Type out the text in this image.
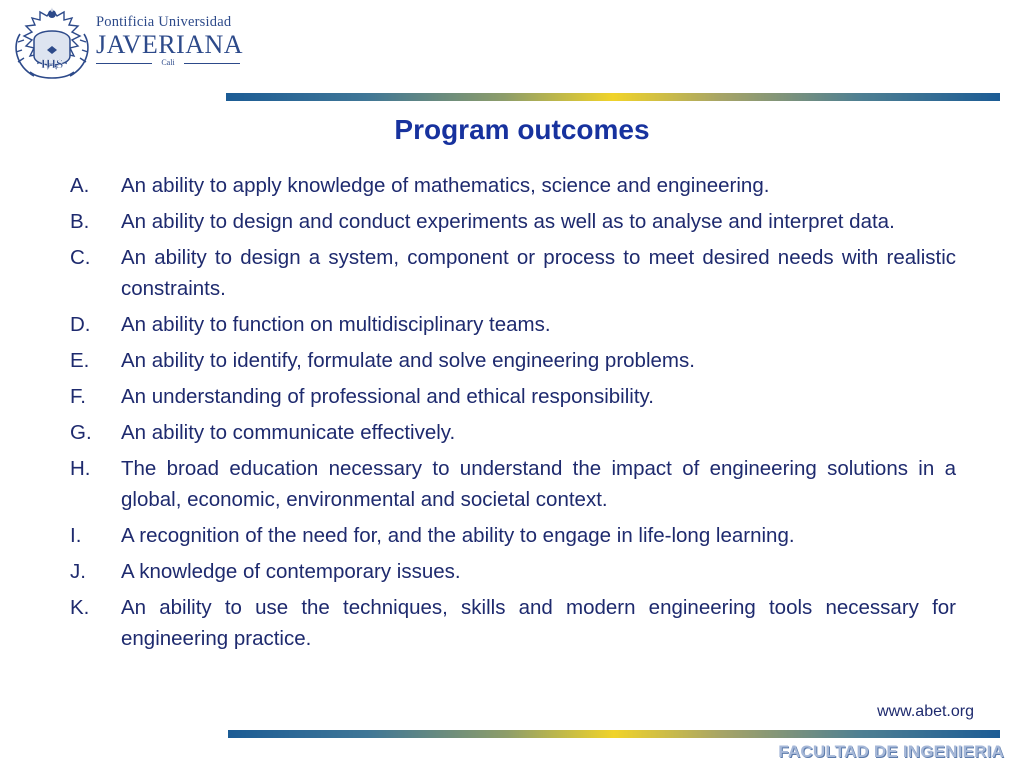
IHS
Pontificia Universidad
JAVERIANA
Cali
Program outcomes
A. An ability to apply knowledge of mathematics, science and engineering.
B. An ability to design and conduct experiments as well as to analyse and interpret data.
C. An ability to design a system, component or process to meet desired needs with realistic constraints.
D. An ability to function on multidisciplinary teams.
E. An ability to identify, formulate and solve engineering problems.
F. An understanding of professional and ethical responsibility.
G. An ability to communicate effectively.
H. The broad education necessary to understand the impact of engineering solutions in a global, economic, environmental and societal context.
I. A recognition of the need for, and the ability to engage in life-long learning.
J. A knowledge of contemporary issues.
K. An ability to use the techniques, skills and modern engineering tools necessary for engineering practice.
www.abet.org
FACULTAD DE INGENIERIA
